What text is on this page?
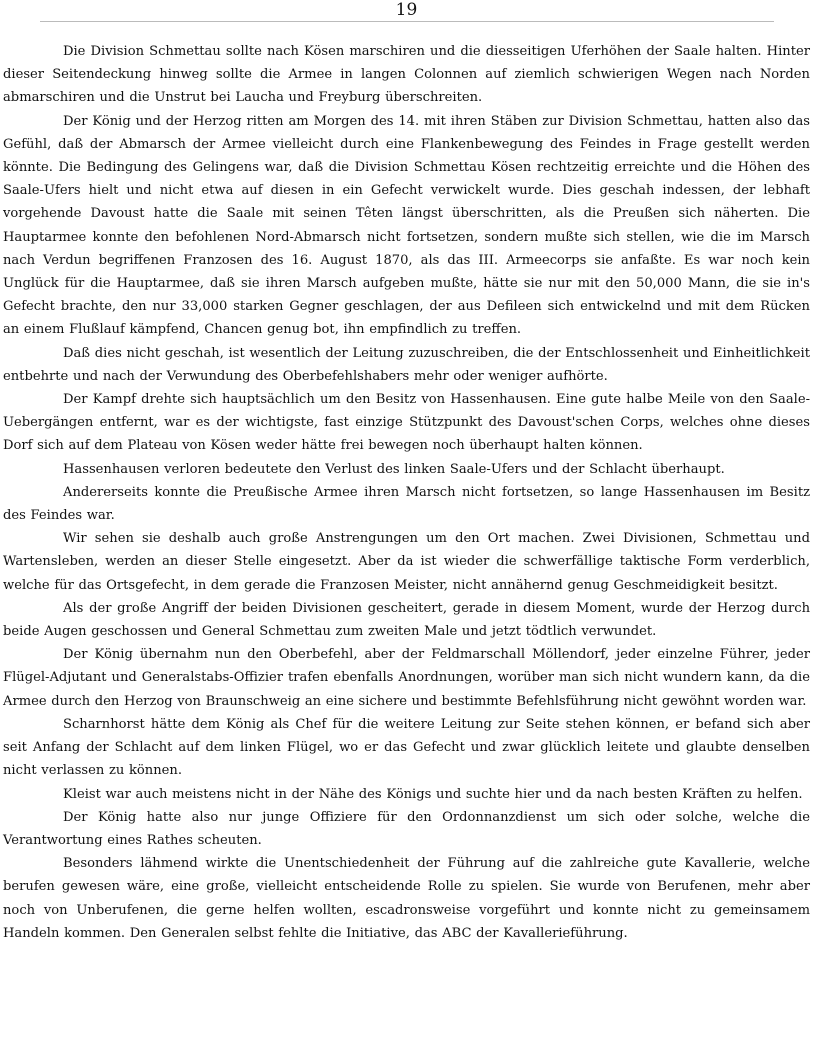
19

Die Division Schmettau sollte nach Kösen marschiren und die diesseitigen Uferhöhen der Saale halten. Hinter dieser Seitendeckung hinweg sollte die Armee in langen Colonnen auf ziemlich schwierigen Wegen nach Norden abmarschiren und die Unstrut bei Laucha und Freyburg überschreiten.

Der König und der Herzog ritten am Morgen des 14. mit ihren Stäben zur Division Schmettau, hatten also das Gefühl, daß der Abmarsch der Armee vielleicht durch eine Flankenbewegung des Feindes in Frage gestellt werden könnte. Die Bedingung des Gelingens war, daß die Division Schmettau Kösen rechtzeitig erreichte und die Höhen des Saale-Ufers hielt und nicht etwa auf diesen in ein Gefecht verwickelt wurde. Dies geschah indessen, der lebhaft vorgehende Davoust hatte die Saale mit seinen Têten längst überschritten, als die Preußen sich näherten. Die Hauptarmee konnte den befohlenen Nord-Abmarsch nicht fortsetzen, sondern mußte sich stellen, wie die im Marsch nach Verdun begriffenen Franzosen des 16. August 1870, als das III. Armeecorps sie anfaßte. Es war noch kein Unglück für die Hauptarmee, daß sie ihren Marsch aufgeben mußte, hätte sie nur mit den 50,000 Mann, die sie in's Gefecht brachte, den nur 33,000 starken Gegner geschlagen, der aus Defileen sich entwickelnd und mit dem Rücken an einem Flußlauf kämpfend, Chancen genug bot, ihn empfindlich zu treffen.

Daß dies nicht geschah, ist wesentlich der Leitung zuzuschreiben, die der Entschlossenheit und Einheitlichkeit entbehrte und nach der Verwundung des Oberbefehlshabers mehr oder weniger aufhörte.

Der Kampf drehte sich hauptsächlich um den Besitz von Hassenhausen. Eine gute halbe Meile von den Saale-Uebergängen entfernt, war es der wichtigste, fast einzige Stützpunkt des Davoust'schen Corps, welches ohne dieses Dorf sich auf dem Plateau von Kösen weder hätte frei bewegen noch überhaupt halten können.

Hassenhausen verloren bedeutete den Verlust des linken Saale-Ufers und der Schlacht überhaupt.

Andererseits konnte die Preußische Armee ihren Marsch nicht fortsetzen, so lange Hassenhausen im Besitz des Feindes war.

Wir sehen sie deshalb auch große Anstrengungen um den Ort machen. Zwei Divisionen, Schmettau und Wartensleben, werden an dieser Stelle eingesetzt. Aber da ist wieder die schwerfällige taktische Form verderblich, welche für das Ortsgefecht, in dem gerade die Franzosen Meister, nicht annähernd genug Geschmeidigkeit besitzt.

Als der große Angriff der beiden Divisionen gescheitert, gerade in diesem Moment, wurde der Herzog durch beide Augen geschossen und General Schmettau zum zweiten Male und jetzt tödtlich verwundet.

Der König übernahm nun den Oberbefehl, aber der Feldmarschall Möllendorf, jeder einzelne Führer, jeder Flügel-Adjutant und Generalstabs-Offizier trafen ebenfalls Anordnungen, worüber man sich nicht wundern kann, da die Armee durch den Herzog von Braunschweig an eine sichere und bestimmte Befehlsführung nicht gewöhnt worden war.

Scharnhorst hätte dem König als Chef für die weitere Leitung zur Seite stehen können, er befand sich aber seit Anfang der Schlacht auf dem linken Flügel, wo er das Gefecht und zwar glücklich leitete und glaubte denselben nicht verlassen zu können.

Kleist war auch meistens nicht in der Nähe des Königs und suchte hier und da nach besten Kräften zu helfen.

Der König hatte also nur junge Offiziere für den Ordonnanzdienst um sich oder solche, welche die Verantwortung eines Rathes scheuten.

Besonders lähmend wirkte die Unentschiedenheit der Führung auf die zahlreiche gute Kavallerie, welche berufen gewesen wäre, eine große, vielleicht entscheidende Rolle zu spielen. Sie wurde von Berufenen, mehr aber noch von Unberufenen, die gerne helfen wollten, escadronsweise vorgeführt und konnte nicht zu gemeinsamem Handeln kommen. Den Generalen selbst fehlte die Initiative, das ABC der Kavallerieführung.
